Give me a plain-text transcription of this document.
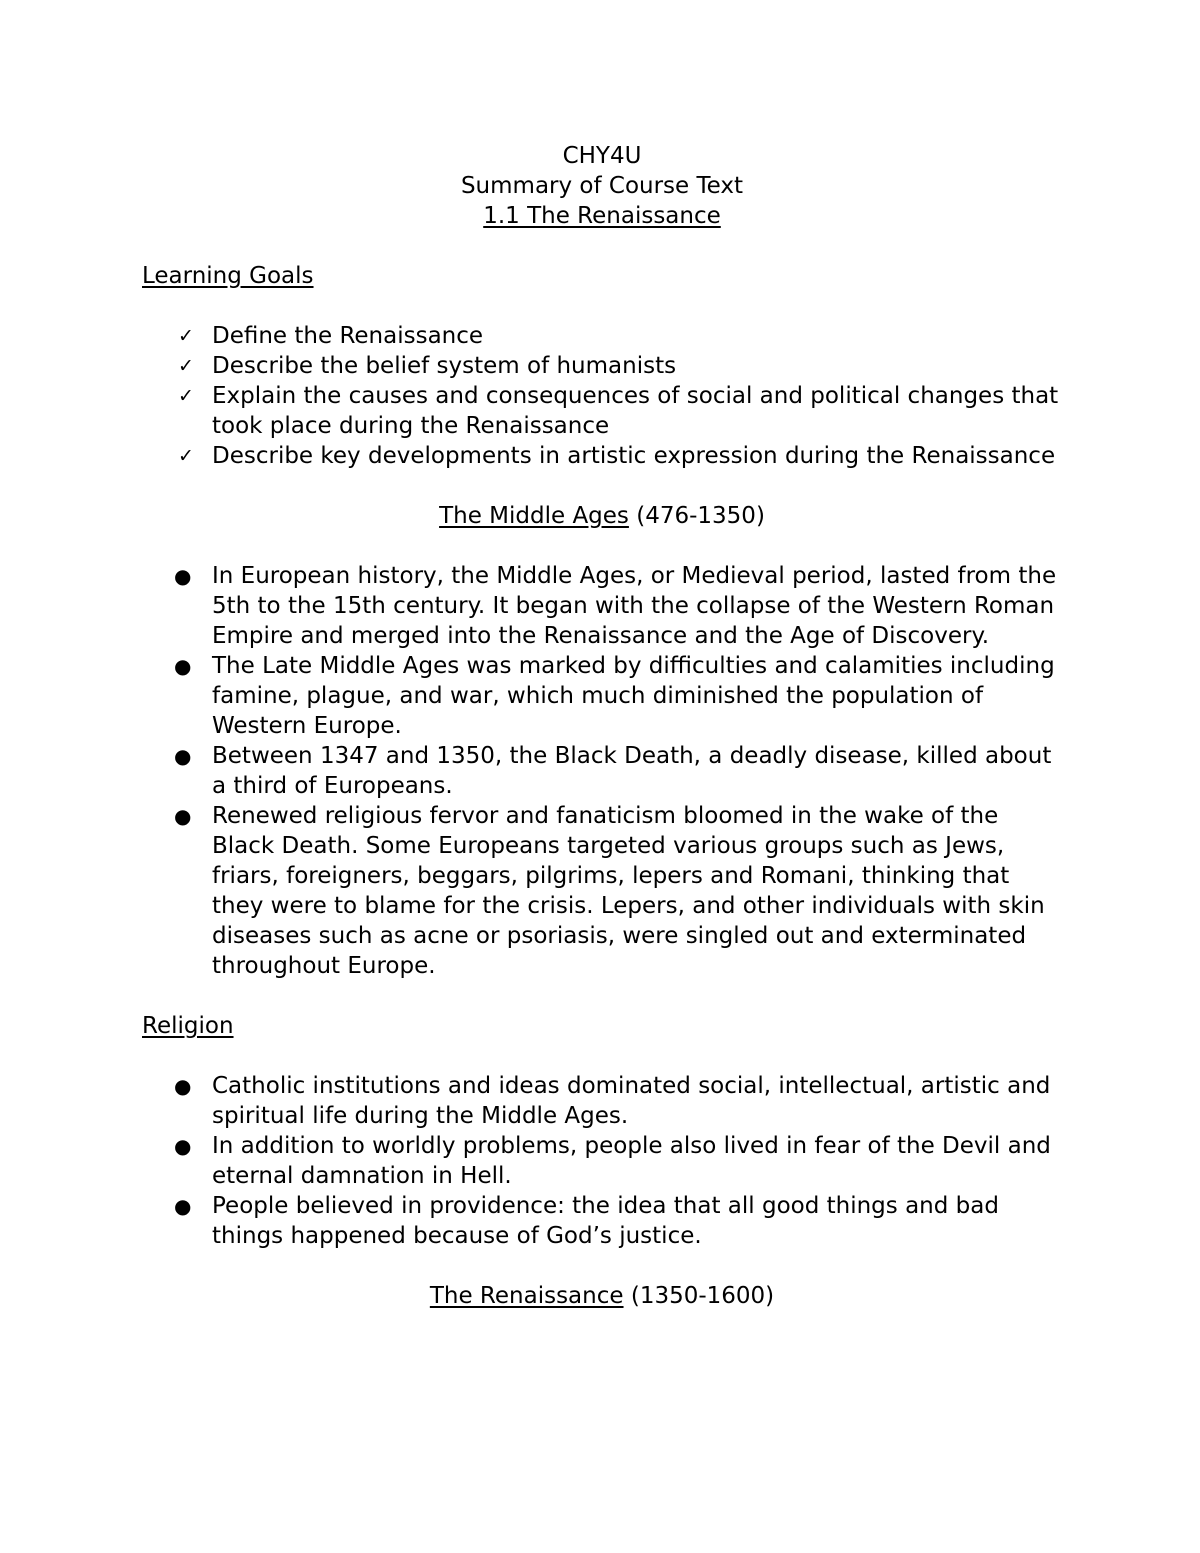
CHY4U
Summary of Course Text
1.1 The Renaissance
Learning Goals
✓ Define the Renaissance
✓ Describe the belief system of humanists
✓ Explain the causes and consequences of social and political changes that took place during the Renaissance
✓ Describe key developments in artistic expression during the Renaissance
The Middle Ages (476-1350)
● In European history, the Middle Ages, or Medieval period, lasted from the 5th to the 15th century. It began with the collapse of the Western Roman Empire and merged into the Renaissance and the Age of Discovery.
● The Late Middle Ages was marked by difficulties and calamities including famine, plague, and war, which much diminished the population of Western Europe.
● Between 1347 and 1350, the Black Death, a deadly disease, killed about a third of Europeans.
● Renewed religious fervor and fanaticism bloomed in the wake of the Black Death. Some Europeans targeted various groups such as Jews, friars, foreigners, beggars, pilgrims, lepers and Romani, thinking that they were to blame for the crisis. Lepers, and other individuals with skin diseases such as acne or psoriasis, were singled out and exterminated throughout Europe.
Religion
● Catholic institutions and ideas dominated social, intellectual, artistic and spiritual life during the Middle Ages.
● In addition to worldly problems, people also lived in fear of the Devil and eternal damnation in Hell.
● People believed in providence: the idea that all good things and bad things happened because of God’s justice.
The Renaissance (1350-1600)
